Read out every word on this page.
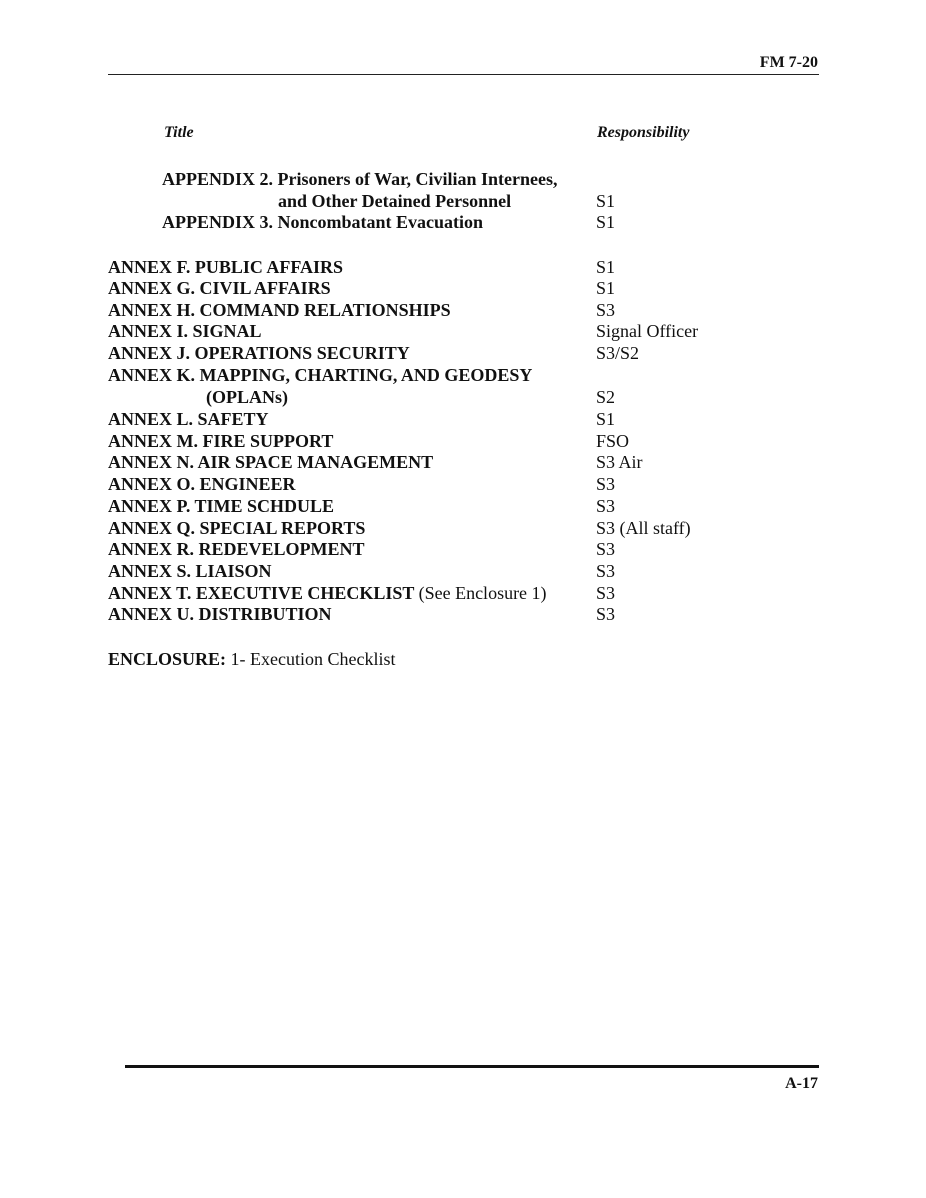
FM 7-20
Title	Responsibility
APPENDIX 2. Prisoners of War, Civilian Internees,
and Other Detained Personnel	S1
APPENDIX 3. Noncombatant Evacuation	S1
ANNEX F. PUBLIC AFFAIRS	S1
ANNEX G. CIVIL AFFAIRS	S1
ANNEX H. COMMAND RELATIONSHIPS	S3
ANNEX I. SIGNAL	Signal Officer
ANNEX J. OPERATIONS SECURITY	S3/S2
ANNEX K. MAPPING, CHARTING, AND GEODESY
(OPLANs)	S2
ANNEX L. SAFETY	S1
ANNEX M. FIRE SUPPORT	FSO
ANNEX N. AIR SPACE MANAGEMENT	S3 Air
ANNEX O. ENGINEER	S3
ANNEX P. TIME SCHDULE	S3
ANNEX Q. SPECIAL REPORTS	S3 (All staff)
ANNEX R. REDEVELOPMENT	S3
ANNEX S. LIAISON	S3
ANNEX T. EXECUTIVE CHECKLIST (See Enclosure 1)	S3
ANNEX U. DISTRIBUTION	S3
ENCLOSURE: 1- Execution Checklist
A-17
